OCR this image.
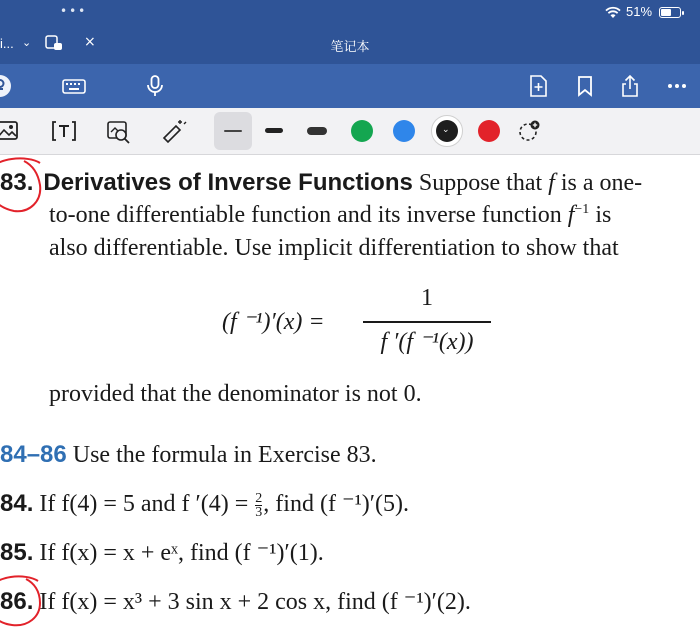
•••	51%
i... ⌄	×	笔记本
⌄
83. Derivatives of Inverse Functions Suppose that f is a one-
to-one differentiable function and its inverse function $f^{-1}$ is
also differentiable. Use implicit differentiation to show that
(f ⁻¹)′(x) =
1
f ′(f ⁻¹(x))
provided that the denominator is not 0.
84–86 Use the formula in Exercise 83.
84. If f(4) = 5 and f $'(4) = \frac{2}{3}$ , find (f ⁻¹)′(5).
85. If f(x) = x + eˣ, find (f ⁻¹)′(1).
86. If f(x) = x³ + 3 sin x + 2 cos x, find (f ⁻¹)′(2).
